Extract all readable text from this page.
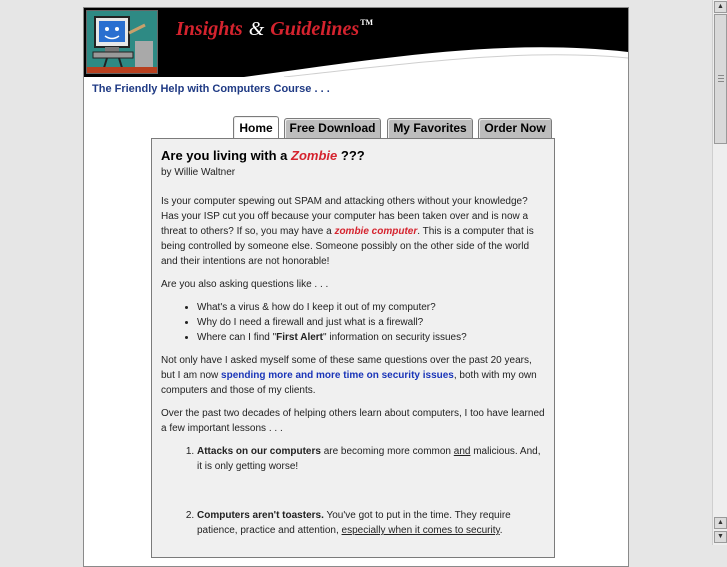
Insights & Guidelines™
The Friendly Help with Computers Course . . .
Home	Free Download	My Favorites	Order Now
Are you living with a Zombie ???
by Willie Waltner

Is your computer spewing out SPAM and attacking others without your knowledge? Has your ISP cut you off because your computer has been taken over and is now a threat to others? If so, you may have a zombie computer. This is a computer that is being controlled by someone else. Someone possibly on the other side of the world and their intentions are not honorable!

Are you also asking questions like . . .

• What's a virus & how do I keep it out of my computer?
• Why do I need a firewall and just what is a firewall?
• Where can I find "First Alert" information on security issues?

Not only have I asked myself some of these same questions over the past 20 years, but I am now spending more and more time on security issues, both with my own computers and those of my clients.

Over the past two decades of helping others learn about computers, I too have learned a few important lessons . . .

1. Attacks on our computers are becoming more common and malicious. And, it is only getting worse!
2. Computers aren't toasters. You've got to put in the time. They require patience, practice and attention, especially when it comes to security.
▲
▲
▼
